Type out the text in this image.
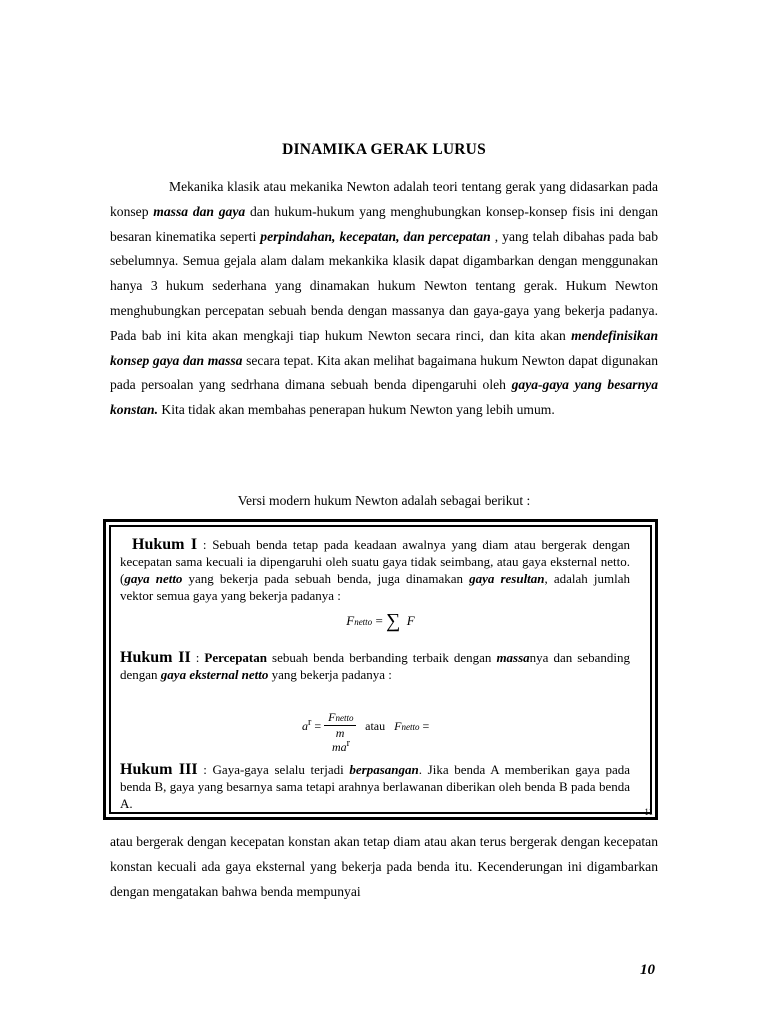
DINAMIKA GERAK LURUS

Mekanika klasik atau mekanika Newton adalah teori tentang gerak yang didasarkan pada konsep massa dan gaya dan hukum-hukum yang menghubungkan konsep-konsep fisis ini dengan besaran kinematika seperti perpindahan, kecepatan, dan percepatan , yang telah dibahas pada bab sebelumnya. Semua gejala alam dalam mekankika klasik dapat digambarkan dengan menggunakan hanya 3 hukum sederhana yang dinamakan hukum Newton tentang gerak. Hukum Newton menghubungkan percepatan sebuah benda dengan massanya dan gaya-gaya yang bekerja padanya. Pada bab ini kita akan mengkaji tiap hukum Newton secara rinci, dan kita akan mendefinisikan konsep gaya dan massa secara tepat. Kita akan melihat bagaimana hukum Newton dapat digunakan pada persoalan yang sedrhana dimana sebuah benda dipengaruhi oleh gaya-gaya yang besarnya konstan. Kita tidak akan membahas penerapan hukum Newton yang lebih umum.

Versi modern hukum Newton adalah sebagai berikut :
Hukum I : Sebuah benda tetap pada keadaan awalnya yang diam atau bergerak dengan kecepatan sama kecuali ia dipengaruhi oleh suatu gaya tidak seimbang, atau gaya eksternal netto. (gaya netto yang bekerja pada sebuah benda, juga dinamakan gaya resultan, adalah jumlah vektor semua gaya yang bekerja padanya :
Fnetto = ∑ F
Hukum II : Percepatan sebuah benda berbanding terbaik dengan massanya dan sebanding dengan gaya eksternal netto yang bekerja padanya :
$a^r = \frac{\text{Fnetto}}{m}$ atau Fnetto =
$ma^r$
Hukum III : Gaya-gaya selalu terjadi berpasangan. Jika benda A memberikan gaya pada benda B, gaya yang besarnya sama tetapi arahnya berlawanan diberikan oleh benda B pada benda A.
11

atau bergerak dengan kecepatan konstan akan tetap diam atau akan terus bergerak dengan kecepatan konstan kecuali ada gaya eksternal yang bekerja pada benda itu. Kecenderungan ini digambarkan dengan mengatakan bahwa benda mempunyai

10
